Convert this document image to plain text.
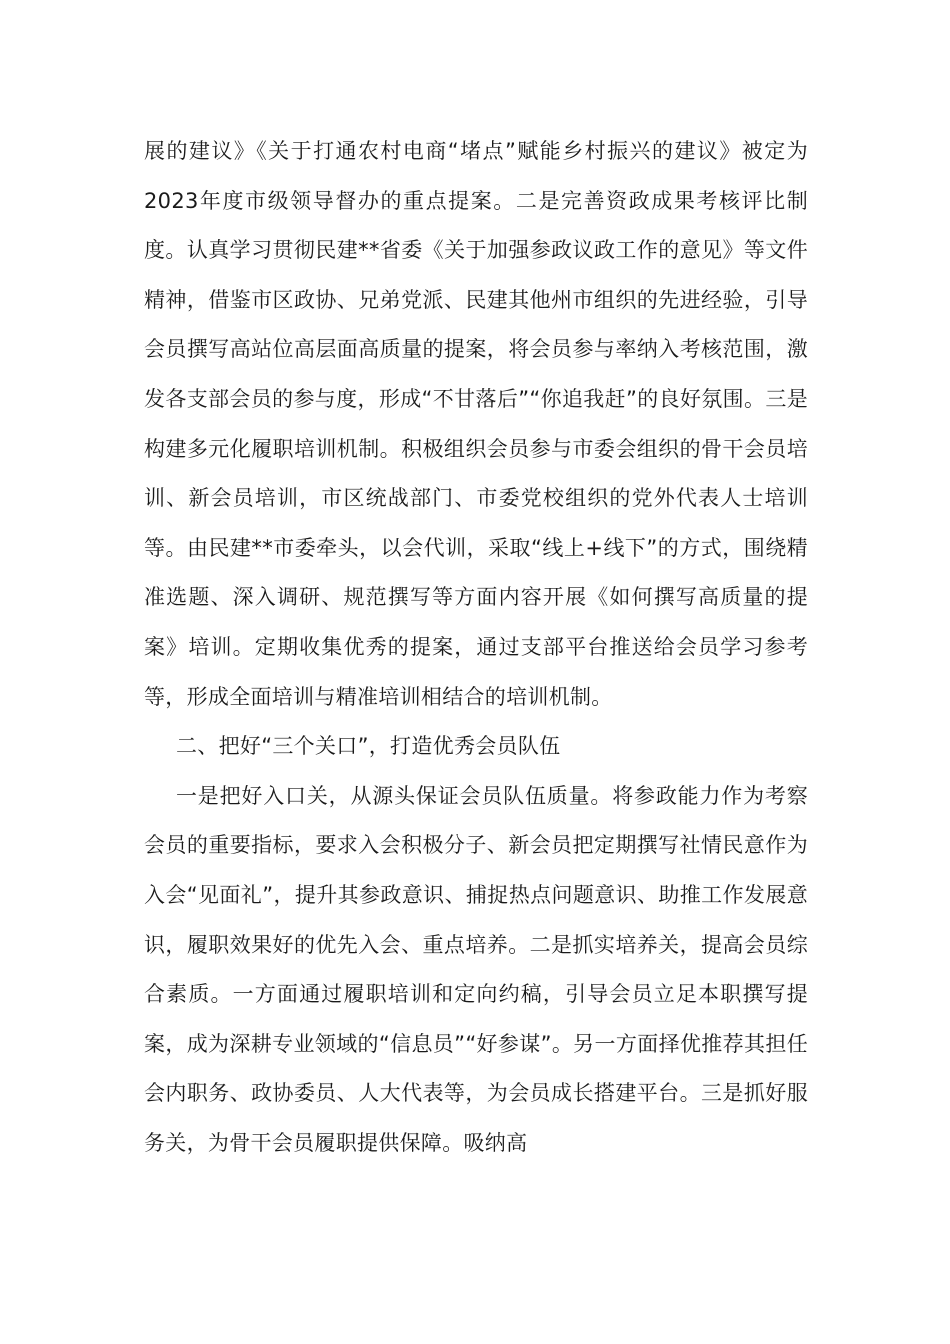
展的建议》《关于打通农村电商“堵点”赋能乡村振兴的建议》被定为2023年度市级领导督办的重点提案。二是完善资政成果考核评比制度。认真学习贯彻民建**省委《关于加强参政议政工作的意见》等文件精神，借鉴市区政协、兄弟党派、民建其他州市组织的先进经验，引导会员撰写高站位高层面高质量的提案，将会员参与率纳入考核范围，激发各支部会员的参与度，形成“不甘落后”“你追我赶”的良好氛围。三是构建多元化履职培训机制。积极组织会员参与市委会组织的骨干会员培训、新会员培训，市区统战部门、市委党校组织的党外代表人士培训等。由民建**市委牵头，以会代训，采取“线上+线下”的方式，围绕精准选题、深入调研、规范撰写等方面内容开展《如何撰写高质量的提案》培训。定期收集优秀的提案，通过支部平台推送给会员学习参考等，形成全面培训与精准培训相结合的培训机制。

二、把好“三个关口”，打造优秀会员队伍

一是把好入口关，从源头保证会员队伍质量。将参政能力作为考察会员的重要指标，要求入会积极分子、新会员把定期撰写社情民意作为入会“见面礼”，提升其参政意识、捕捉热点问题意识、助推工作发展意识，履职效果好的优先入会、重点培养。二是抓实培养关，提高会员综合素质。一方面通过履职培训和定向约稿，引导会员立足本职撰写提案，成为深耕专业领域的“信息员”“好参谋”。另一方面择优推荐其担任会内职务、政协委员、人大代表等，为会员成长搭建平台。三是抓好服务关，为骨干会员履职提供保障。吸纳高
